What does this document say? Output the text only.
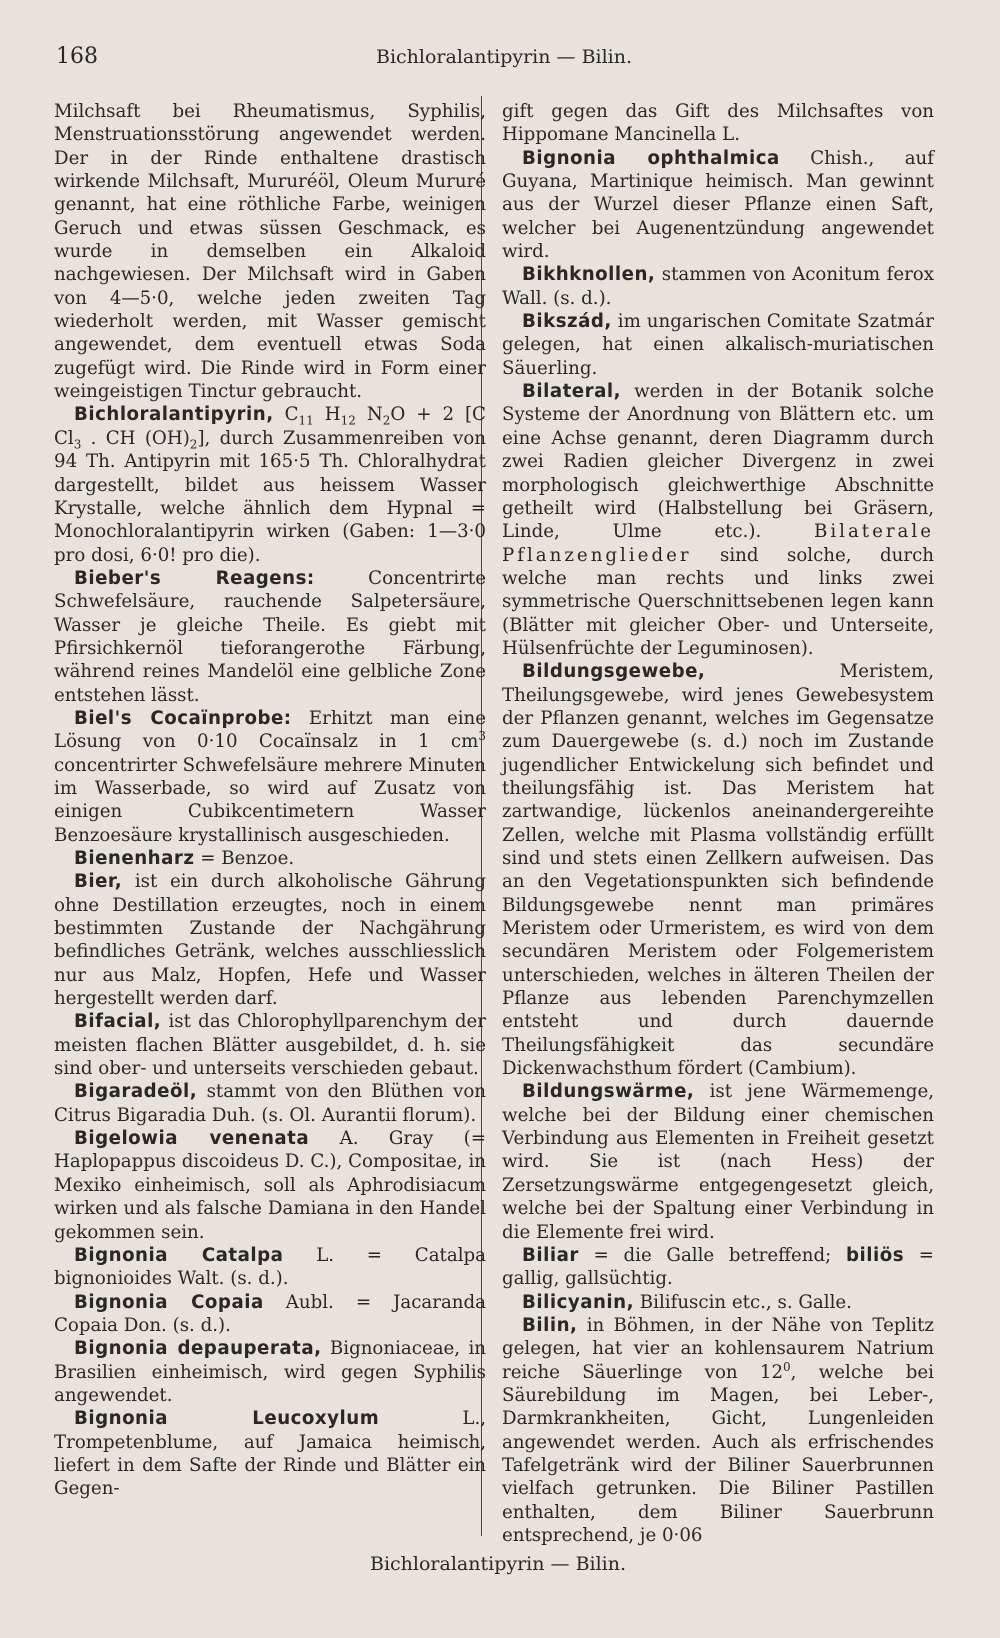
168	Bichloralantipyrin — Bilin.

Milchsaft bei Rheumatismus, Syphilis, Menstruationsstörung angewendet werden. Der in der Rinde enthaltene drastisch wirkende Milchsaft, Mururéöl, Oleum Mururé genannt, hat eine röthliche Farbe, weinigen Geruch und etwas süssen Geschmack, es wurde in demselben ein Alkaloid nachgewiesen. Der Milchsaft wird in Gaben von 4—5·0, welche jeden zweiten Tag wiederholt werden, mit Wasser gemischt angewendet, dem eventuell etwas Soda zugefügt wird. Die Rinde wird in Form einer weingeistigen Tinctur gebraucht.

Bichloralantipyrin, $C_{11}$ $H_{12}$ $N_2O + 2$ [C $Cl_3$ . CH $(OH)_2$], durch Zusammenreiben von 94 Th. Antipyrin mit 165·5 Th. Chloralhydrat dargestellt, bildet aus heissem Wasser Krystalle, welche ähnlich dem Hypnal = Monochloralantipyrin wirken (Gaben: 1—3·0 pro dosi, 6·0! pro die).

Bieber's Reagens: Concentrirte Schwefelsäure, rauchende Salpetersäure, Wasser je gleiche Theile. Es giebt mit Pfirsichkernöl tieforangerothe Färbung, während reines Mandelöl eine gelbliche Zone entstehen lässt.

Biel's Cocaïnprobe: Erhitzt man eine Lösung von 0·10 Cocaïnsalz in 1 $cm^3$ concentrirter Schwefelsäure mehrere Minuten im Wasserbade, so wird auf Zusatz von einigen Cubikcentimetern Wasser Benzoesäure krystallinisch ausgeschieden.

Bienenharz = Benzoe.

Bier, ist ein durch alkoholische Gährung ohne Destillation erzeugtes, noch in einem bestimmten Zustande der Nachgährung befindliches Getränk, welches ausschliesslich nur aus Malz, Hopfen, Hefe und Wasser hergestellt werden darf.

Bifacial, ist das Chlorophyllparenchym der meisten flachen Blätter ausgebildet, d. h. sie sind ober- und unterseits verschieden gebaut.

Bigaradeöl, stammt von den Blüthen von Citrus Bigaradia Duh. (s. Ol. Aurantii florum).

Bigelowia venenata A. Gray (= Haplopappus discoideus D. C.), Compositae, in Mexiko einheimisch, soll als Aphrodisiacum wirken und als falsche Damiana in den Handel gekommen sein.

Bignonia Catalpa L. = Catalpa bignonioides Walt. (s. d.).

Bignonia Copaia Aubl. = Jacaranda Copaia Don. (s. d.).

Bignonia depauperata, Bignoniaceae, in Brasilien einheimisch, wird gegen Syphilis angewendet.

Bignonia Leucoxylum L., Trompetenblume, auf Jamaica heimisch, liefert in dem Safte der Rinde und Blätter ein Gegen-

gift gegen das Gift des Milchsaftes von Hippomane Mancinella L.

Bignonia ophthalmica Chish., auf Guyana, Martinique heimisch. Man gewinnt aus der Wurzel dieser Pflanze einen Saft, welcher bei Augenentzündung angewendet wird.

Bikhknollen, stammen von Aconitum ferox Wall. (s. d.).

Bikszád, im ungarischen Comitate Szatmár gelegen, hat einen alkalisch-muriatischen Säuerling.

Bilateral, werden in der Botanik solche Systeme der Anordnung von Blättern etc. um eine Achse genannt, deren Diagramm durch zwei Radien gleicher Divergenz in zwei morphologisch gleichwerthige Abschnitte getheilt wird (Halbstellung bei Gräsern, Linde, Ulme etc.). Bilaterale Pflanzenglieder sind solche, durch welche man rechts und links zwei symmetrische Querschnittsebenen legen kann (Blätter mit gleicher Ober- und Unterseite, Hülsenfrüchte der Leguminosen).

Bildungsgewebe, Meristem, Theilungsgewebe, wird jenes Gewebesystem der Pflanzen genannt, welches im Gegensatze zum Dauergewebe (s. d.) noch im Zustande jugendlicher Entwickelung sich befindet und theilungsfähig ist. Das Meristem hat zartwandige, lückenlos aneinandergereihte Zellen, welche mit Plasma vollständig erfüllt sind und stets einen Zellkern aufweisen. Das an den Vegetationspunkten sich befindende Bildungsgewebe nennt man primäres Meristem oder Urmeristem, es wird von dem secundären Meristem oder Folgemeristem unterschieden, welches in älteren Theilen der Pflanze aus lebenden Parenchymzellen entsteht und durch dauernde Theilungsfähigkeit das secundäre Dickenwachsthum fördert (Cambium).

Bildungswärme, ist jene Wärmemenge, welche bei der Bildung einer chemischen Verbindung aus Elementen in Freiheit gesetzt wird. Sie ist (nach Hess) der Zersetzungswärme entgegengesetzt gleich, welche bei der Spaltung einer Verbindung in die Elemente frei wird.

Biliar = die Galle betreffend; biliös = gallig, gallsüchtig.

Bilicyanin, Bilifuscin etc., s. Galle.

Bilin, in Böhmen, in der Nähe von Teplitz gelegen, hat vier an kohlensaurem Natrium reiche Säuerlinge von $12^0$, welche bei Säurebildung im Magen, bei Leber-, Darmkrankheiten, Gicht, Lungenleiden angewendet werden. Auch als erfrischendes Tafelgetränk wird der Biliner Sauerbrunnen vielfach getrunken. Die Biliner Pastillen enthalten, dem Biliner Sauerbrunn entsprechend, je 0·06

Bichloralantipyrin — Bilin.
